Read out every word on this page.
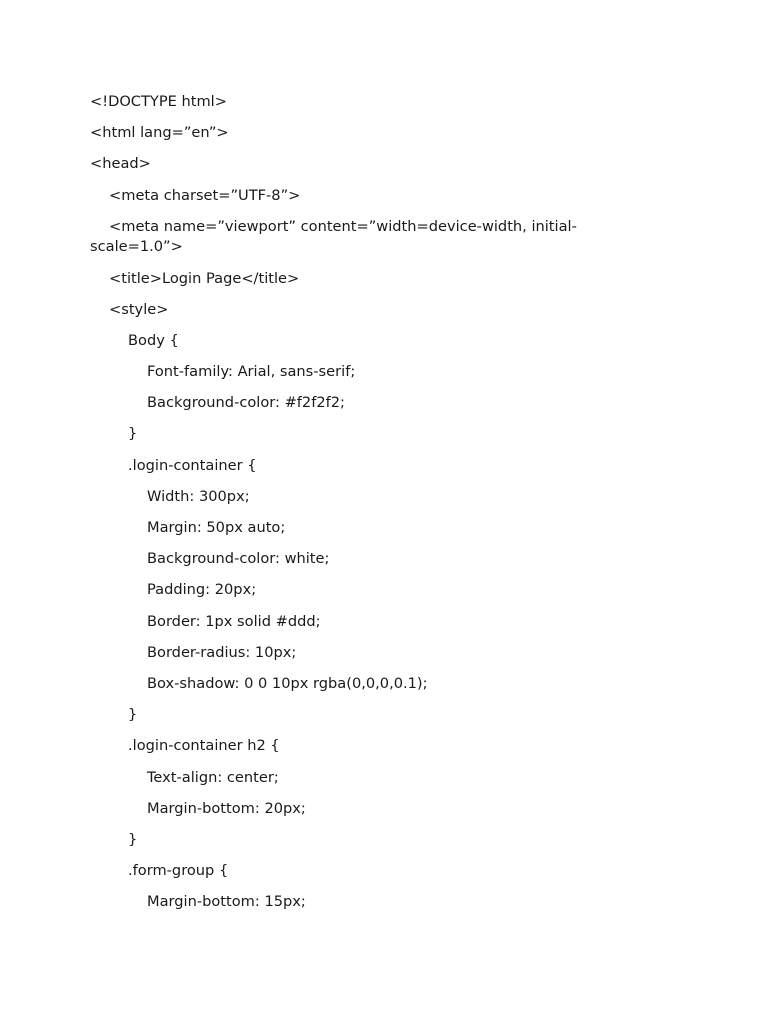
<!DOCTYPE html>
<html lang=”en”>
<head>
<meta charset=”UTF-8”>
<meta name=”viewport” content=”width=device-width, initial-scale=1.0”>
<title>Login Page</title>
<style>
Body {
Font-family: Arial, sans-serif;
Background-color: #f2f2f2;
}
.login-container {
Width: 300px;
Margin: 50px auto;
Background-color: white;
Padding: 20px;
Border: 1px solid #ddd;
Border-radius: 10px;
Box-shadow: 0 0 10px rgba(0,0,0,0.1);
}
.login-container h2 {
Text-align: center;
Margin-bottom: 20px;
}
.form-group {
Margin-bottom: 15px;
